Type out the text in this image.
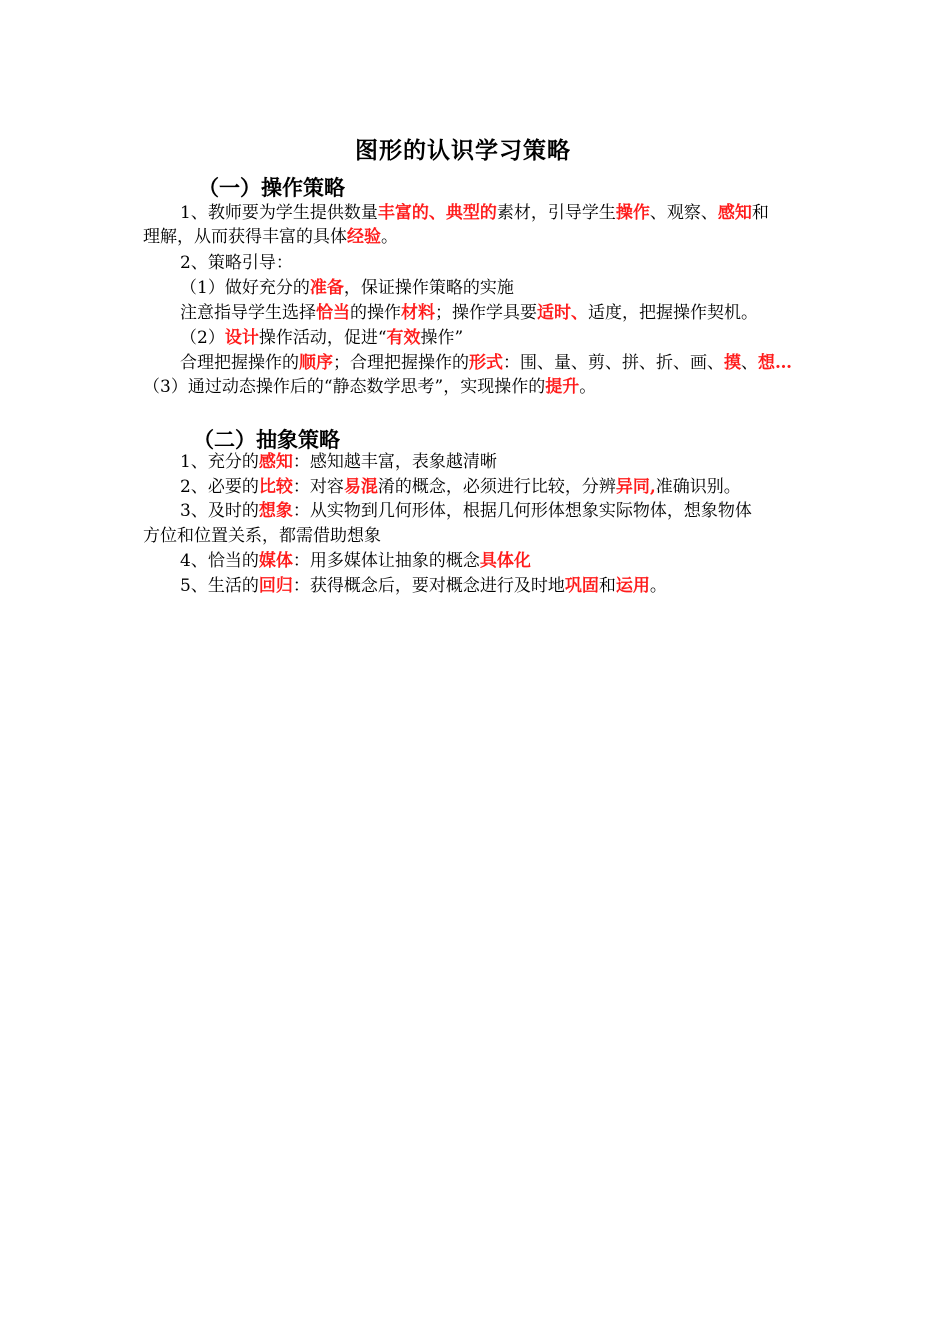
图形的认识学习策略
（一）操作策略
1、教师要为学生提供数量丰富的、典型的素材，引导学生操作、观察、感知和
理解，从而获得丰富的具体经验。
2、策略引导：
（1）做好充分的准备，保证操作策略的实施
注意指导学生选择恰当的操作材料；操作学具要适时、适度，把握操作契机。
（2）设计操作活动，促进“有效操作”
合理把握操作的顺序；合理把握操作的形式：围、量、剪、拼、折、画、摸、想…
（3）通过动态操作后的“静态数学思考”，实现操作的提升。
（二）抽象策略
1、充分的感知：感知越丰富，表象越清晰
2、必要的比较：对容易混淆的概念，必须进行比较，分辨异同,准确识别。
3、及时的想象：从实物到几何形体，根据几何形体想象实际物体，想象物体
方位和位置关系，都需借助想象
4、恰当的媒体：用多媒体让抽象的概念具体化
5、生活的回归：获得概念后，要对概念进行及时地巩固和运用。
